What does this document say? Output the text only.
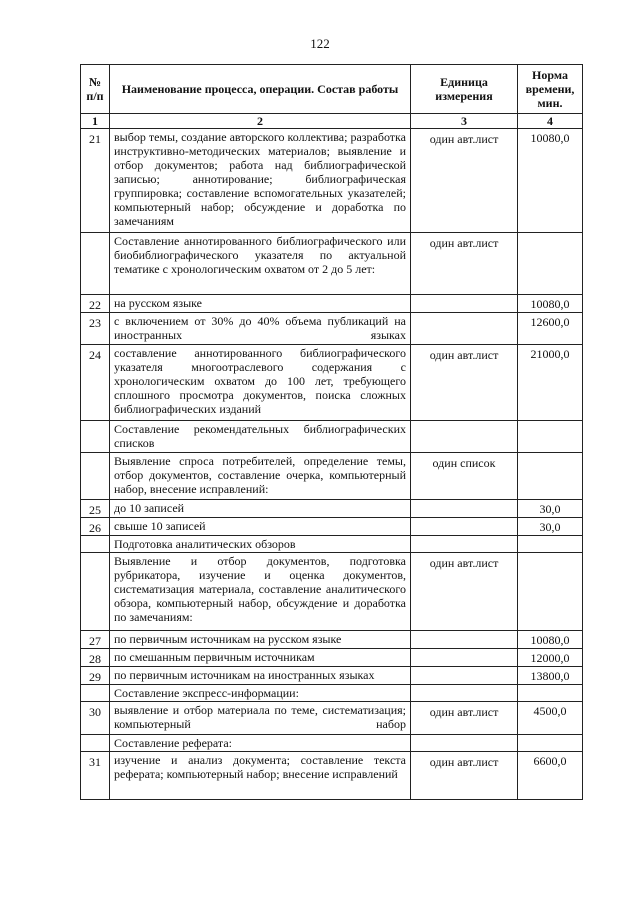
122
№ п/п	Наименование процесса, операции. Состав работы	Единица измерения	Норма времени, мин.
1	2	3	4
21	выбор темы, создание авторского коллектива; разработка инструктивно-методических материалов; выявление и отбор документов; работа над библиографической записью; аннотирование; библиографическая группировка; составление вспомогательных указателей; компьютерный набор; обсуждение и доработка по замечаниям	один авт.лист	10080,0
	Составление аннотированного библиографического или биобиблиографического указателя по актуальной тематике с хронологическим охватом от 2 до 5 лет:	один авт.лист	
22	на русском языке		10080,0
23	с включением от 30% до 40% объема публикаций на иностранных языках		12600,0
24	составление аннотированного библиографического указателя многоотраслевого содержания с хронологическим охватом до 100 лет, требующего сплошного просмотра документов, поиска сложных библиографических изданий	один авт.лист	21000,0
	Составление рекомендательных библиографических списков		
	Выявление спроса потребителей, определение темы, отбор документов, составление очерка, компьютерный набор, внесение исправлений:	один список	
25	до 10 записей		30,0
26	свыше 10 записей		30,0
	Подготовка аналитических обзоров		
	Выявление и отбор документов, подготовка рубрикатора, изучение и оценка документов, систематизация материала, составление аналитического обзора, компьютерный набор, обсуждение и доработка по замечаниям:	один авт.лист	
27	по первичным источникам на русском языке		10080,0
28	по смешанным первичным источникам		12000,0
29	по первичным источникам на иностранных языках		13800,0
	Составление экспресс-информации:		
30	выявление и отбор материала по теме, систематизация; компьютерный набор	один авт.лист	4500,0
	Составление реферата:		
31	изучение и анализ документа; составление текста реферата; компьютерный набор; внесение исправлений	один авт.лист	6600,0
